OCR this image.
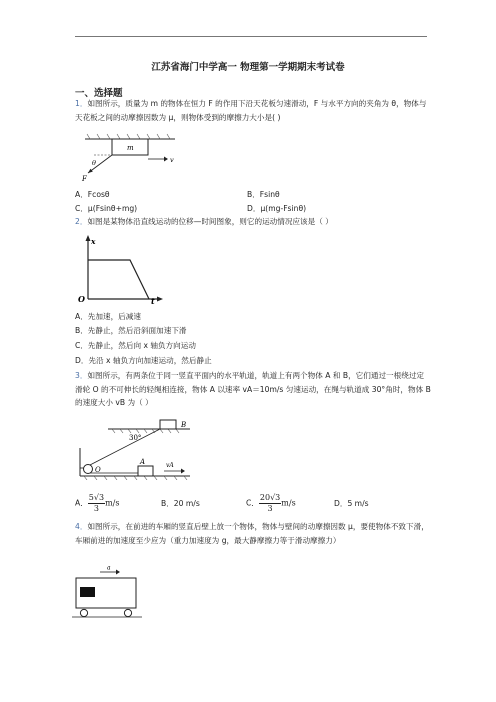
江苏省海门中学高一 物理第一学期期末考试卷
一、选择题
1．如图所示，质量为 m 的物体在恒力 F 的作用下沿天花板匀速滑动，F 与水平方向的夹角为 θ，物体与天花板之间的动摩擦因数为 μ，则物体受到的摩擦力大小是( )
m
v
θ
F
A．Fcosθ	B．Fsinθ
C．μ(Fsinθ+mg)	D．μ(mg-Fsinθ)
2．如图是某物体沿直线运动的位移—时间图象，则它的运动情况应该是（ ）
x
O	t
A．先加速，后减速
B．先静止，然后沿斜面加速下滑
C．先静止，然后向 x 轴负方向运动
D．先沿 x 轴负方向加速运动，然后静止
3．如图所示，有两条位于同一竖直平面内的水平轨道，轨道上有两个物体 A 和 B，它们通过一根绕过定滑轮 O 的不可伸长的轻绳相连接，物体 A 以速率 vA＝10m/s 匀速运动，在绳与轨道成 30°角时，物体 B 的速度大小 vB 为（ ）
B
30°
O
A	vA
A． $\frac{5√3}{3} m/s$	B．20 m/s	C． $\frac{20√3}{3} m/s$	D．5 m/s
4．如图所示，在前进的车厢的竖直后壁上放一个物体，物体与壁间的动摩擦因数 μ，要使物体不致下滑，车厢前进的加速度至少应为（重力加速度为 g，最大静摩擦力等于滑动摩擦力）
a
